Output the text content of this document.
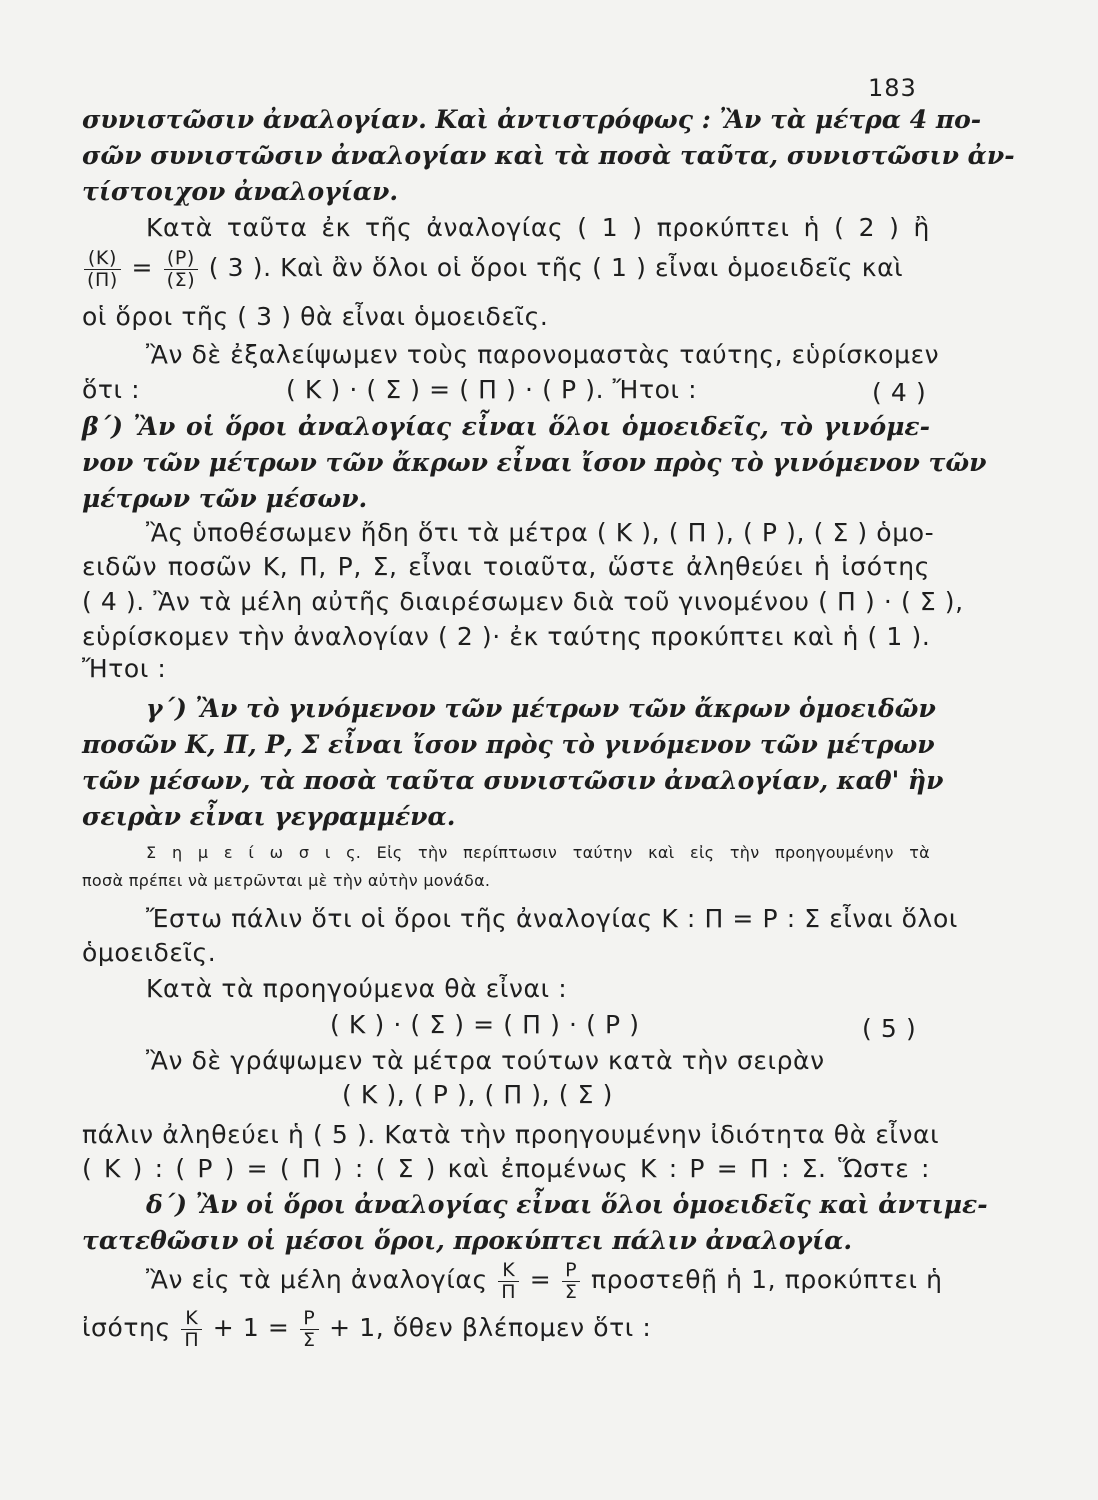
183
συνιστῶσιν ἀναλογίαν. Καὶ ἀντιστρόφως : Ἂν τὰ μέτρα 4 πο-
σῶν συνιστῶσιν ἀναλογίαν καὶ τὰ ποσὰ ταῦτα, συνιστῶσιν ἀν-
τίστοιχον ἀναλογίαν.
Κατὰ ταῦτα ἐκ τῆς ἀναλογίας ( 1 ) προκύπτει ἡ ( 2 ) ἢ
$\frac{(K)}{(\Pi)} = \frac{(P)}{(\Sigma)}$ ( 3 ). Καὶ ἂν ὅλοι οἱ ὅροι τῆς ( 1 ) εἶναι ὁμοειδεῖς καὶ
οἱ ὅροι τῆς ( 3 ) θὰ εἶναι ὁμοειδεῖς.
Ἂν δὲ ἐξαλείψωμεν τοὺς παρονομαστὰς ταύτης, εὑρίσκομεν
ὅτι :	( Κ ) · ( Σ ) = ( Π ) · ( Ρ ). Ἤτοι :	( 4 )
β΄) Ἂν οἱ ὅροι ἀναλογίας εἶναι ὅλοι ὁμοειδεῖς, τὸ γινόμε-
νον τῶν μέτρων τῶν ἄκρων εἶναι ἴσον πρὸς τὸ γινόμενον τῶν
μέτρων τῶν μέσων.
Ἂς ὑποθέσωμεν ἤδη ὅτι τὰ μέτρα ( Κ ), ( Π ), ( Ρ ), ( Σ ) ὁμο-
ειδῶν ποσῶν Κ, Π, Ρ, Σ, εἶναι τοιαῦτα, ὥστε ἀληθεύει ἡ ἰσότης
( 4 ). Ἂν τὰ μέλη αὐτῆς διαιρέσωμεν διὰ τοῦ γινομένου ( Π ) · ( Σ ),
εὑρίσκομεν τὴν ἀναλογίαν ( 2 )· ἐκ ταύτης προκύπτει καὶ ἡ ( 1 ).
Ἤτοι :
γ΄) Ἂν τὸ γινόμενον τῶν μέτρων τῶν ἄκρων ὁμοειδῶν
ποσῶν Κ, Π, Ρ, Σ εἶναι ἴσον πρὸς τὸ γινόμενον τῶν μέτρων
τῶν μέσων, τὰ ποσὰ ταῦτα συνιστῶσιν ἀναλογίαν, καθ' ἣν
σειρὰν εἶναι γεγραμμένα.
Σ η μ ε ί ω σ ι ς. Εἰς τὴν περίπτωσιν ταύτην καὶ εἰς τὴν προηγουμένην τὰ
ποσὰ πρέπει νὰ μετρῶνται μὲ τὴν αὐτὴν μονάδα.
Ἔστω πάλιν ὅτι οἱ ὅροι τῆς ἀναλογίας Κ : Π = Ρ : Σ εἶναι ὅλοι
ὁμοειδεῖς.
Κατὰ τὰ προηγούμενα θὰ εἶναι :
( Κ ) · ( Σ ) = ( Π ) · ( Ρ )	( 5 )
Ἂν δὲ γράψωμεν τὰ μέτρα τούτων κατὰ τὴν σειρὰν
( Κ ), ( Ρ ), ( Π ), ( Σ )
πάλιν ἀληθεύει ἡ ( 5 ). Κατὰ τὴν προηγουμένην ἰδιότητα θὰ εἶναι
( Κ ) : ( Ρ ) = ( Π ) : ( Σ ) καὶ ἐπομένως Κ : Ρ = Π : Σ. Ὥστε :
δ΄) Ἂν οἱ ὅροι ἀναλογίας εἶναι ὅλοι ὁμοειδεῖς καὶ ἀντιμε-
τατεθῶσιν οἱ μέσοι ὅροι, προκύπτει πάλιν ἀναλογία.
Ἂν εἰς τὰ μέλη ἀναλογίας $\frac{K}{\Pi} = \frac{P}{\Sigma}$ προστεθῇ ἡ 1, προκύπτει ἡ
ἰσότης $\frac{K}{\Pi} + 1 = \frac{P}{\Sigma} + 1$, ὅθεν βλέπομεν ὅτι :
